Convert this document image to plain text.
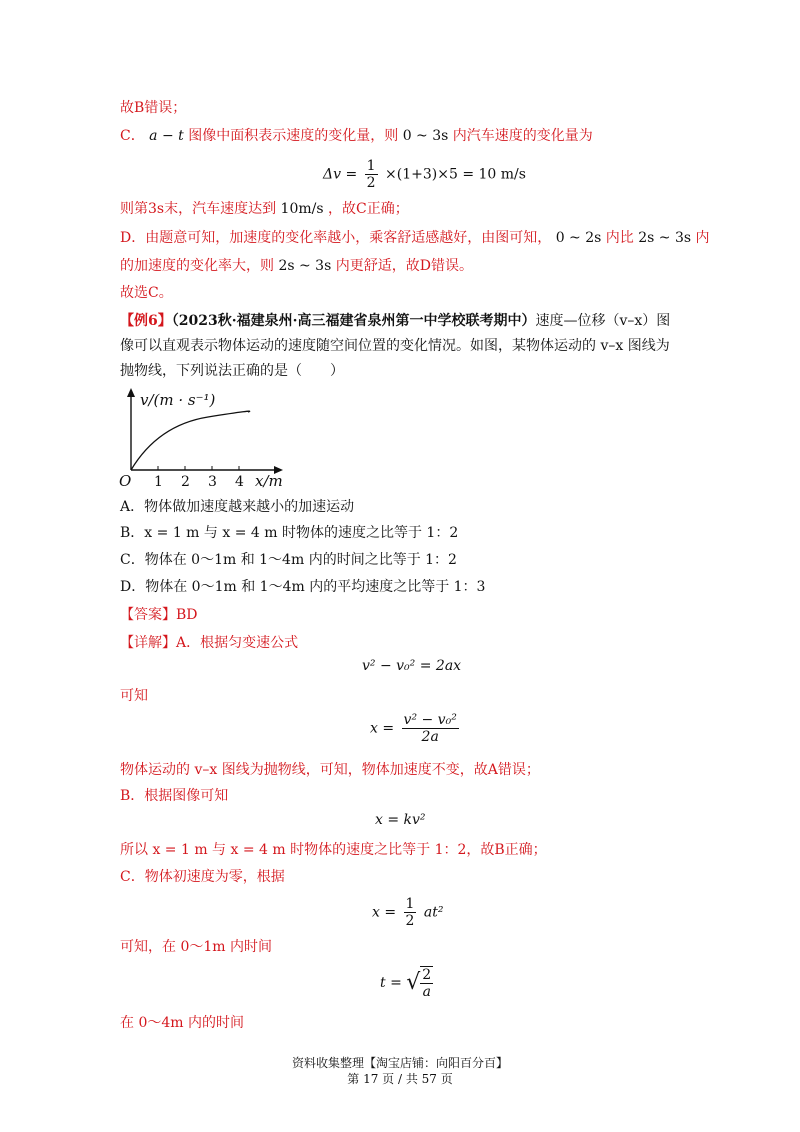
故B错误；
C． a − t 图像中面积表示速度的变化量，则 0 ~ 3s 内汽车速度的变化量为
$\Delta v = \frac{1}{2} \times(1+3)\times 5 = 10$ m/s
则第3s末，汽车速度达到 10m/s ，故C正确；
D．由题意可知，加速度的变化率越小，乘客舒适感越好，由图可知， 0 ~ 2s 内比 2s ~ 3s 内
的加速度的变化率大，则 2s ~ 3s 内更舒适，故D错误。
故选C。
【例6】（2023秋·福建泉州·高三福建省泉州第一中学校联考期中）速度—位移（v–x）图
像可以直观表示物体运动的速度随空间位置的变化情况。如图，某物体运动的 v–x 图线为
抛物线，下列说法正确的是（　　）
v/(m · s⁻¹)
O 1 2 3 4 x/m
A．物体做加速度越来越小的加速运动
B．x = 1 m 与 x = 4 m 时物体的速度之比等于 1：2
C．物体在 0～1m 和 1～4m 内的时间之比等于 1：2
D．物体在 0～1m 和 1～4m 内的平均速度之比等于 1：3
【答案】BD
【详解】A．根据匀变速公式
v² − v₀² = 2ax
可知
$x = \frac{\text{v² − v₀²}}{2a}$
物体运动的 v–x 图线为抛物线，可知，物体加速度不变，故A错误；
B．根据图像可知
x = kv²
所以 x = 1 m 与 x = 4 m 时物体的速度之比等于 1：2，故B正确；
C．物体初速度为零，根据
$x = \frac{1}{2} at^2$
可知，在 0～1m 内时间
t = √ $\frac{2}{a}$
在 0～4m 内的时间
资料收集整理【淘宝店铺：向阳百分百】
第 17 页 / 共 57 页
